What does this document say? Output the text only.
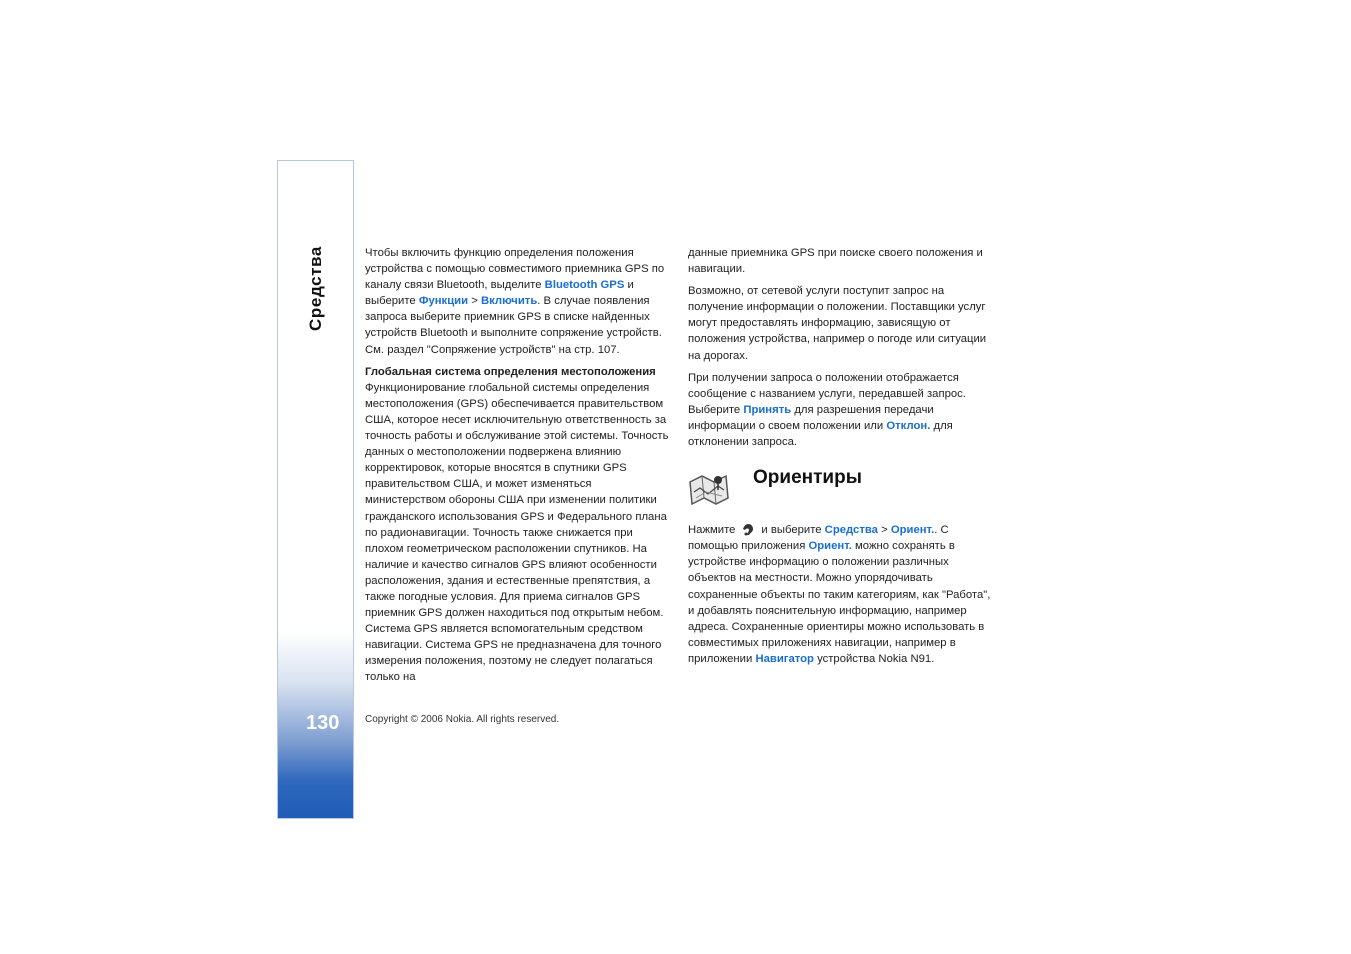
Средства
130

Чтобы включить функцию определения положения устройства с помощью совместимого приемника GPS по каналу связи Bluetooth, выделите Bluetooth GPS и выберите Функции > Включить. В случае появления запроса выберите приемник GPS в списке найденных устройств Bluetooth и выполните сопряжение устройств. См. раздел "Сопряжение устройств" на стр. 107.

Глобальная система определения местоположения
Функционирование глобальной системы определения местоположения (GPS) обеспечивается правительством США, которое несет исключительную ответственность за точность работы и обслуживание этой системы. Точность данных о местоположении подвержена влиянию корректировок, которые вносятся в спутники GPS правительством США, и может изменяться министерством обороны США при изменении политики гражданского использования GPS и Федерального плана по радионавигации. Точность также снижается при плохом геометрическом расположении спутников. На наличие и качество сигналов GPS влияют особенности расположения, здания и естественные препятствия, а также погодные условия. Для приема сигналов GPS приемник GPS должен находиться под открытым небом. Система GPS является вспомогательным средством навигации. Система GPS не предназначена для точного измерения положения, поэтому не следует полагаться только на

данные приемника GPS при поиске своего положения и навигации.

Возможно, от сетевой услуги поступит запрос на получение информации о положении. Поставщики услуг могут предоставлять информацию, зависящую от положения устройства, например о погоде или ситуации на дорогах.

При получении запроса о положении отображается сообщение с названием услуги, передавшей запрос. Выберите Принять для разрешения передачи информации о своем положении или Отклон. для отклонении запроса.

Ориентиры

Нажмите и выберите Средства > Ориент.. С помощью приложения Ориент. можно сохранять в устройстве информацию о положении различных объектов на местности. Можно упорядочивать сохраненные объекты по таким категориям, как "Работа", и добавлять пояснительную информацию, например адреса. Сохраненные ориентиры можно использовать в совместимых приложениях навигации, например в приложении Навигатор устройства Nokia N91.

Copyright © 2006 Nokia. All rights reserved.
